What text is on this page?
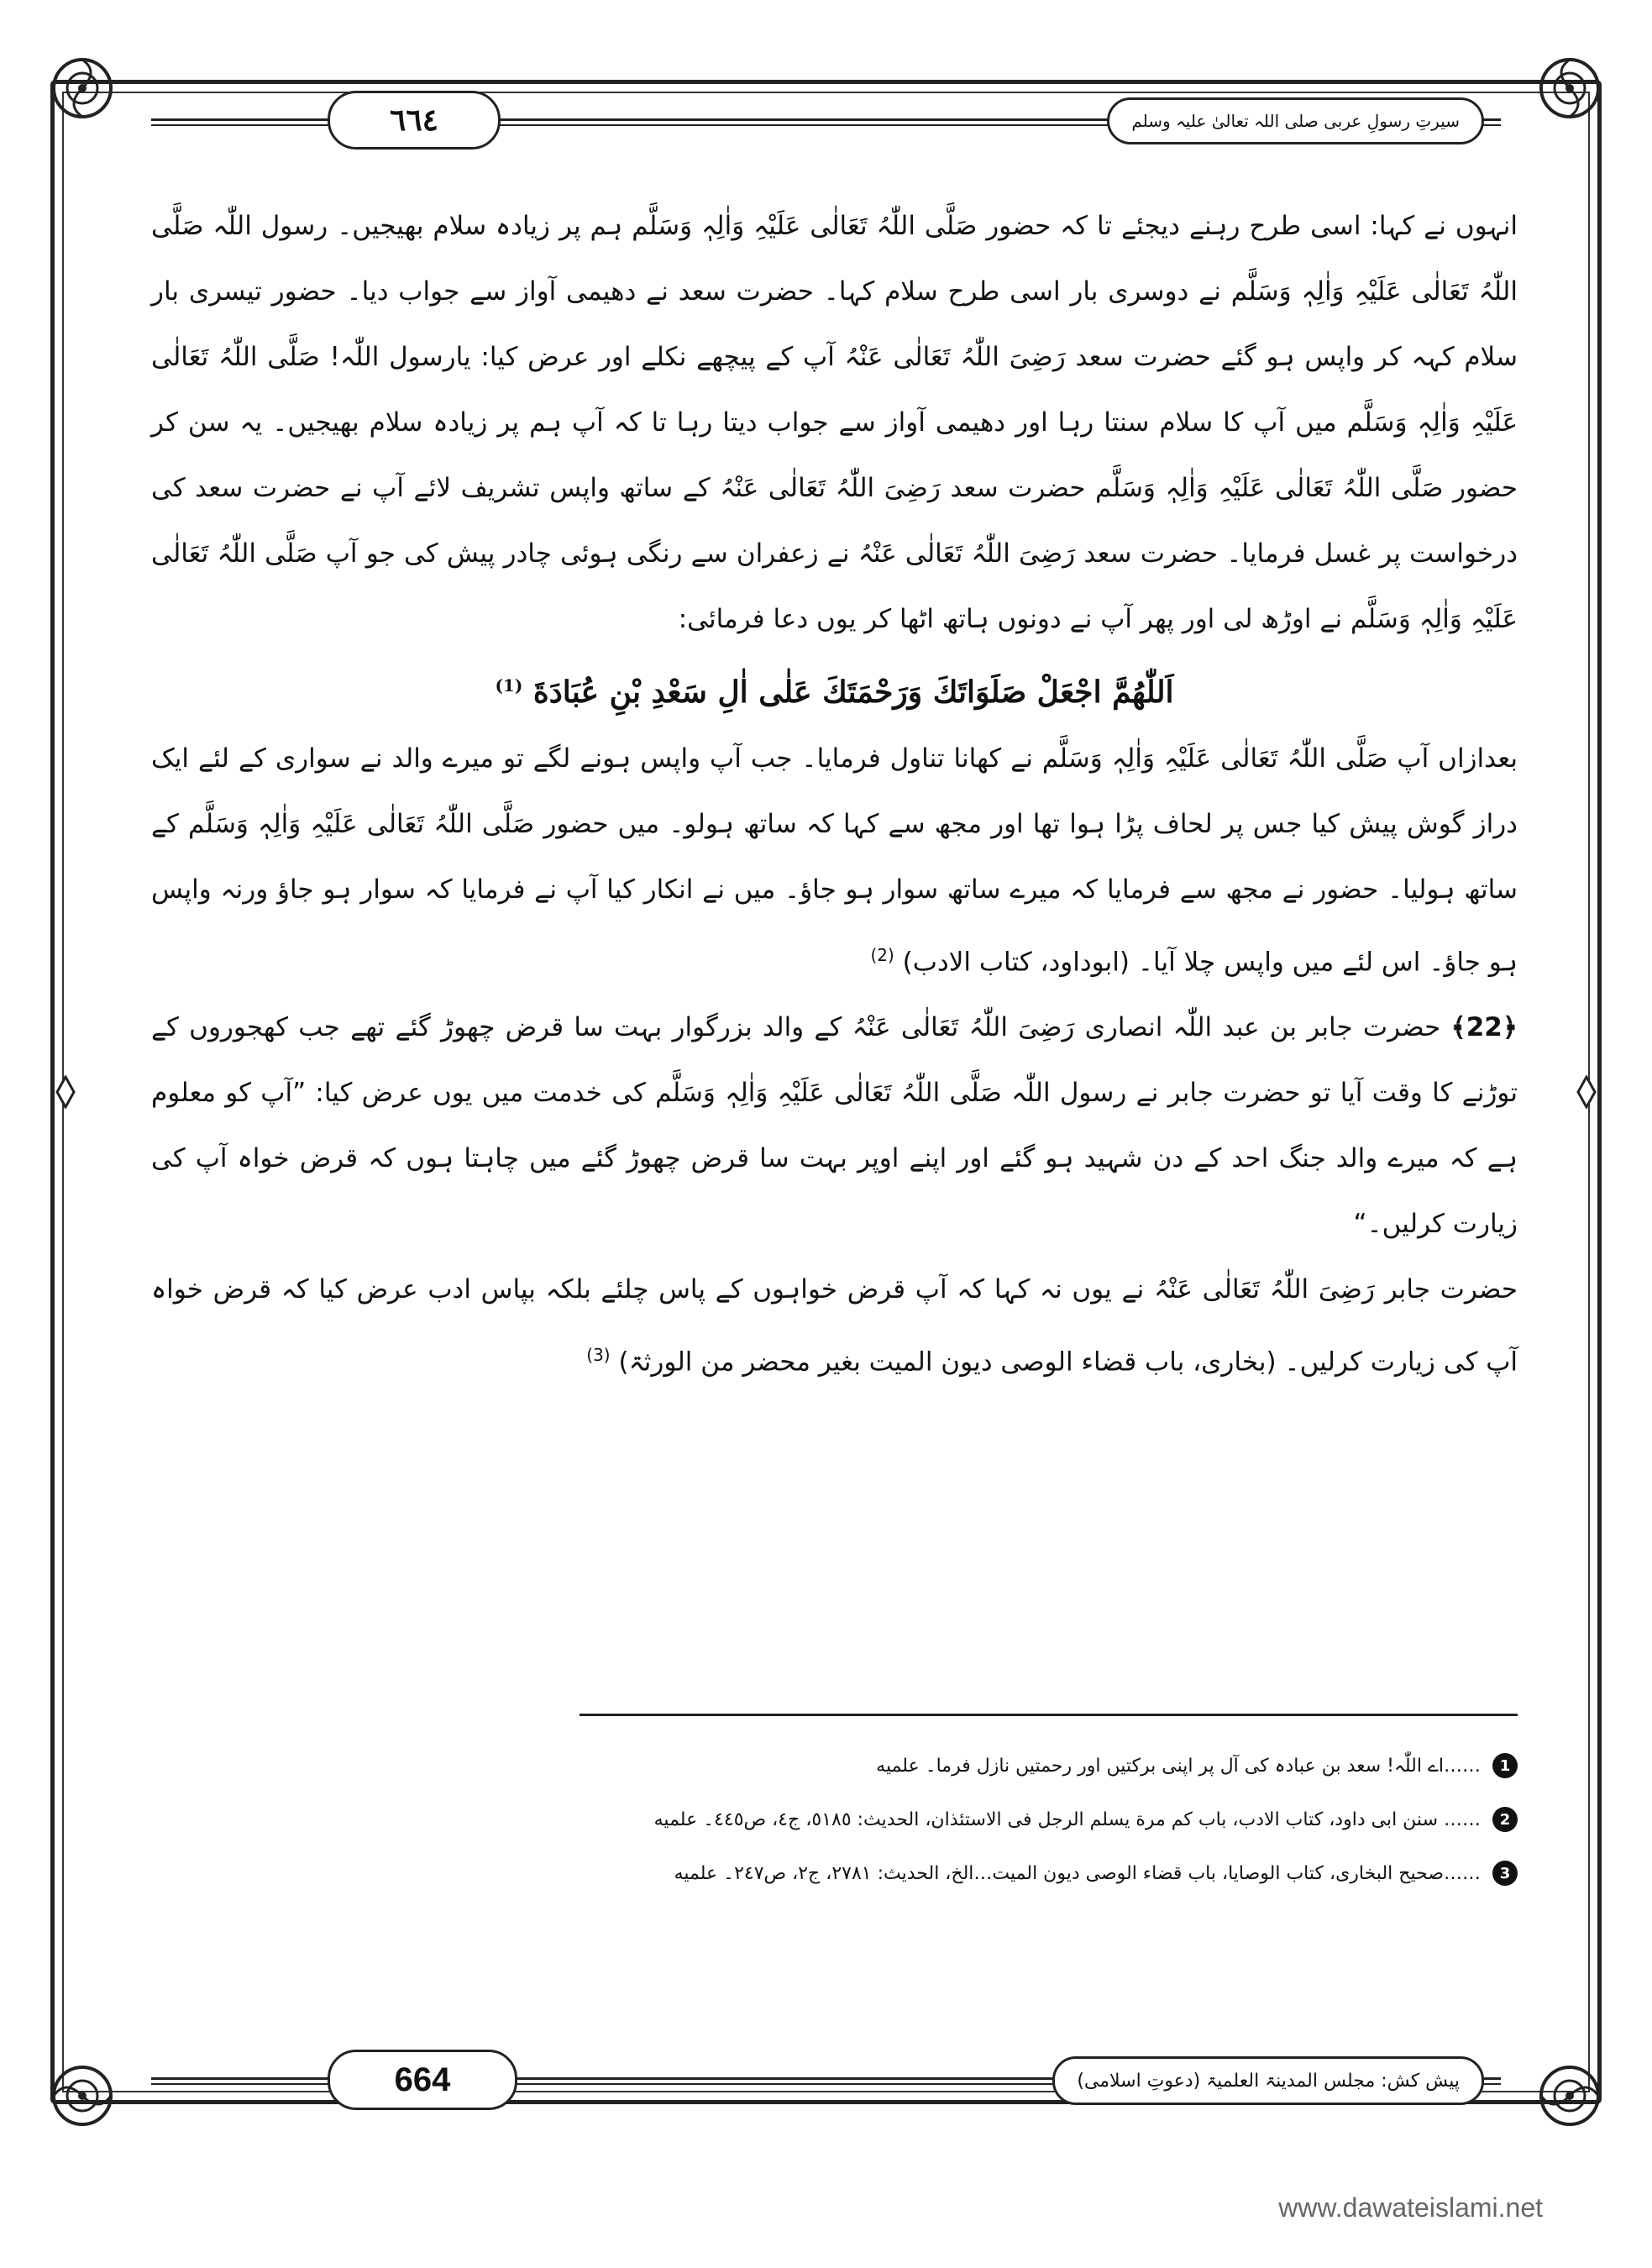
٦٦٤	سیرتِ رسولِ عربی صلی اللہ تعالیٰ علیہ وسلم

انہوں نے کہا: اسی طرح رہنے دیجئے تا کہ حضور صَلَّی اللّٰہُ تَعَالٰی عَلَیْہِ وَاٰلِہٖ وَسَلَّم ہم پر زیادہ سلام بھیجیں۔ رسول اللّٰہ صَلَّی اللّٰہُ تَعَالٰی عَلَیْہِ وَاٰلِہٖ وَسَلَّم نے دوسری بار اسی طرح سلام کہا۔ حضرت سعد نے دھیمی آواز سے جواب دیا۔ حضور تیسری بار سلام کہہ کر واپس ہو گئے حضرت سعد رَضِیَ اللّٰہُ تَعَالٰی عَنْہُ آپ کے پیچھے نکلے اور عرض کیا: یارسول اللّٰہ! صَلَّی اللّٰہُ تَعَالٰی عَلَیْہِ وَاٰلِہٖ وَسَلَّم میں آپ کا سلام سنتا رہا اور دھیمی آواز سے جواب دیتا رہا تا کہ آپ ہم پر زیادہ سلام بھیجیں۔ یہ سن کر حضور صَلَّی اللّٰہُ تَعَالٰی عَلَیْہِ وَاٰلِہٖ وَسَلَّم حضرت سعد رَضِیَ اللّٰہُ تَعَالٰی عَنْہُ کے ساتھ واپس تشریف لائے آپ نے حضرت سعد کی درخواست پر غسل فرمایا۔ حضرت سعد رَضِیَ اللّٰہُ تَعَالٰی عَنْہُ نے زعفران سے رنگی ہوئی چادر پیش کی جو آپ صَلَّی اللّٰہُ تَعَالٰی عَلَیْہِ وَاٰلِہٖ وَسَلَّم نے اوڑھ لی اور پھر آپ نے دونوں ہاتھ اٹھا کر یوں دعا فرمائی:

اَللّٰهُمَّ اجْعَلْ صَلَوَاتَكَ وَرَحْمَتَكَ عَلٰى اٰلِ سَعْدِ بْنِ عُبَادَةَ $^{(1)}$

بعدازاں آپ صَلَّی اللّٰہُ تَعَالٰی عَلَیْہِ وَاٰلِہٖ وَسَلَّم نے کھانا تناول فرمایا۔ جب آپ واپس ہونے لگے تو میرے والد نے سواری کے لئے ایک دراز گوش پیش کیا جس پر لحاف پڑا ہوا تھا اور مجھ سے کہا کہ ساتھ ہولو۔ میں حضور صَلَّی اللّٰہُ تَعَالٰی عَلَیْہِ وَاٰلِہٖ وَسَلَّم کے ساتھ ہولیا۔ حضور نے مجھ سے فرمایا کہ میرے ساتھ سوار ہو جاؤ۔ میں نے انکار کیا آپ نے فرمایا کہ سوار ہو جاؤ ورنہ واپس ہو جاؤ۔ اس لئے میں واپس چلا آیا۔ (ابوداود، کتاب الادب) $^{(2)}$

﴿22﴾ حضرت جابر بن عبد اللّٰہ انصاری رَضِیَ اللّٰہُ تَعَالٰی عَنْہُ کے والد بزرگوار بہت سا قرض چھوڑ گئے تھے جب کھجوروں کے توڑنے کا وقت آیا تو حضرت جابر نے رسول اللّٰہ صَلَّی اللّٰہُ تَعَالٰی عَلَیْہِ وَاٰلِہٖ وَسَلَّم کی خدمت میں یوں عرض کیا: ”آپ کو معلوم ہے کہ میرے والد جنگ احد کے دن شہید ہو گئے اور اپنے اوپر بہت سا قرض چھوڑ گئے میں چاہتا ہوں کہ قرض خواہ آپ کی زیارت کرلیں۔“

حضرت جابر رَضِیَ اللّٰہُ تَعَالٰی عَنْہُ نے یوں نہ کہا کہ آپ قرض خواہوں کے پاس چلئے بلکہ بپاس ادب عرض کیا کہ قرض خواہ آپ کی زیارت کرلیں۔ (بخاری، باب قضاء الوصی دیون المیت بغیر محضر من الورثۃ) $^{(3)}$

1
……اے اللّٰہ! سعد بن عبادہ کی آل پر اپنی برکتیں اور رحمتیں نازل فرما۔ علمیه
2
…… سنن ابی داود، کتاب الادب، باب کم مرة یسلم الرجل فی الاستئذان، الحدیث: ٥١٨٥، ج٤، ص٤٤٥۔ علمیه
3
……صحیح البخاری، کتاب الوصایا، باب قضاء الوصی دیون المیت…الخ، الحدیث: ٢٧٨١، ج٢، ص٢٤٧۔ علمیه
664	پیش کش: مجلس المدینۃ العلمیۃ (دعوتِ اسلامی)
www.dawateislami.net
